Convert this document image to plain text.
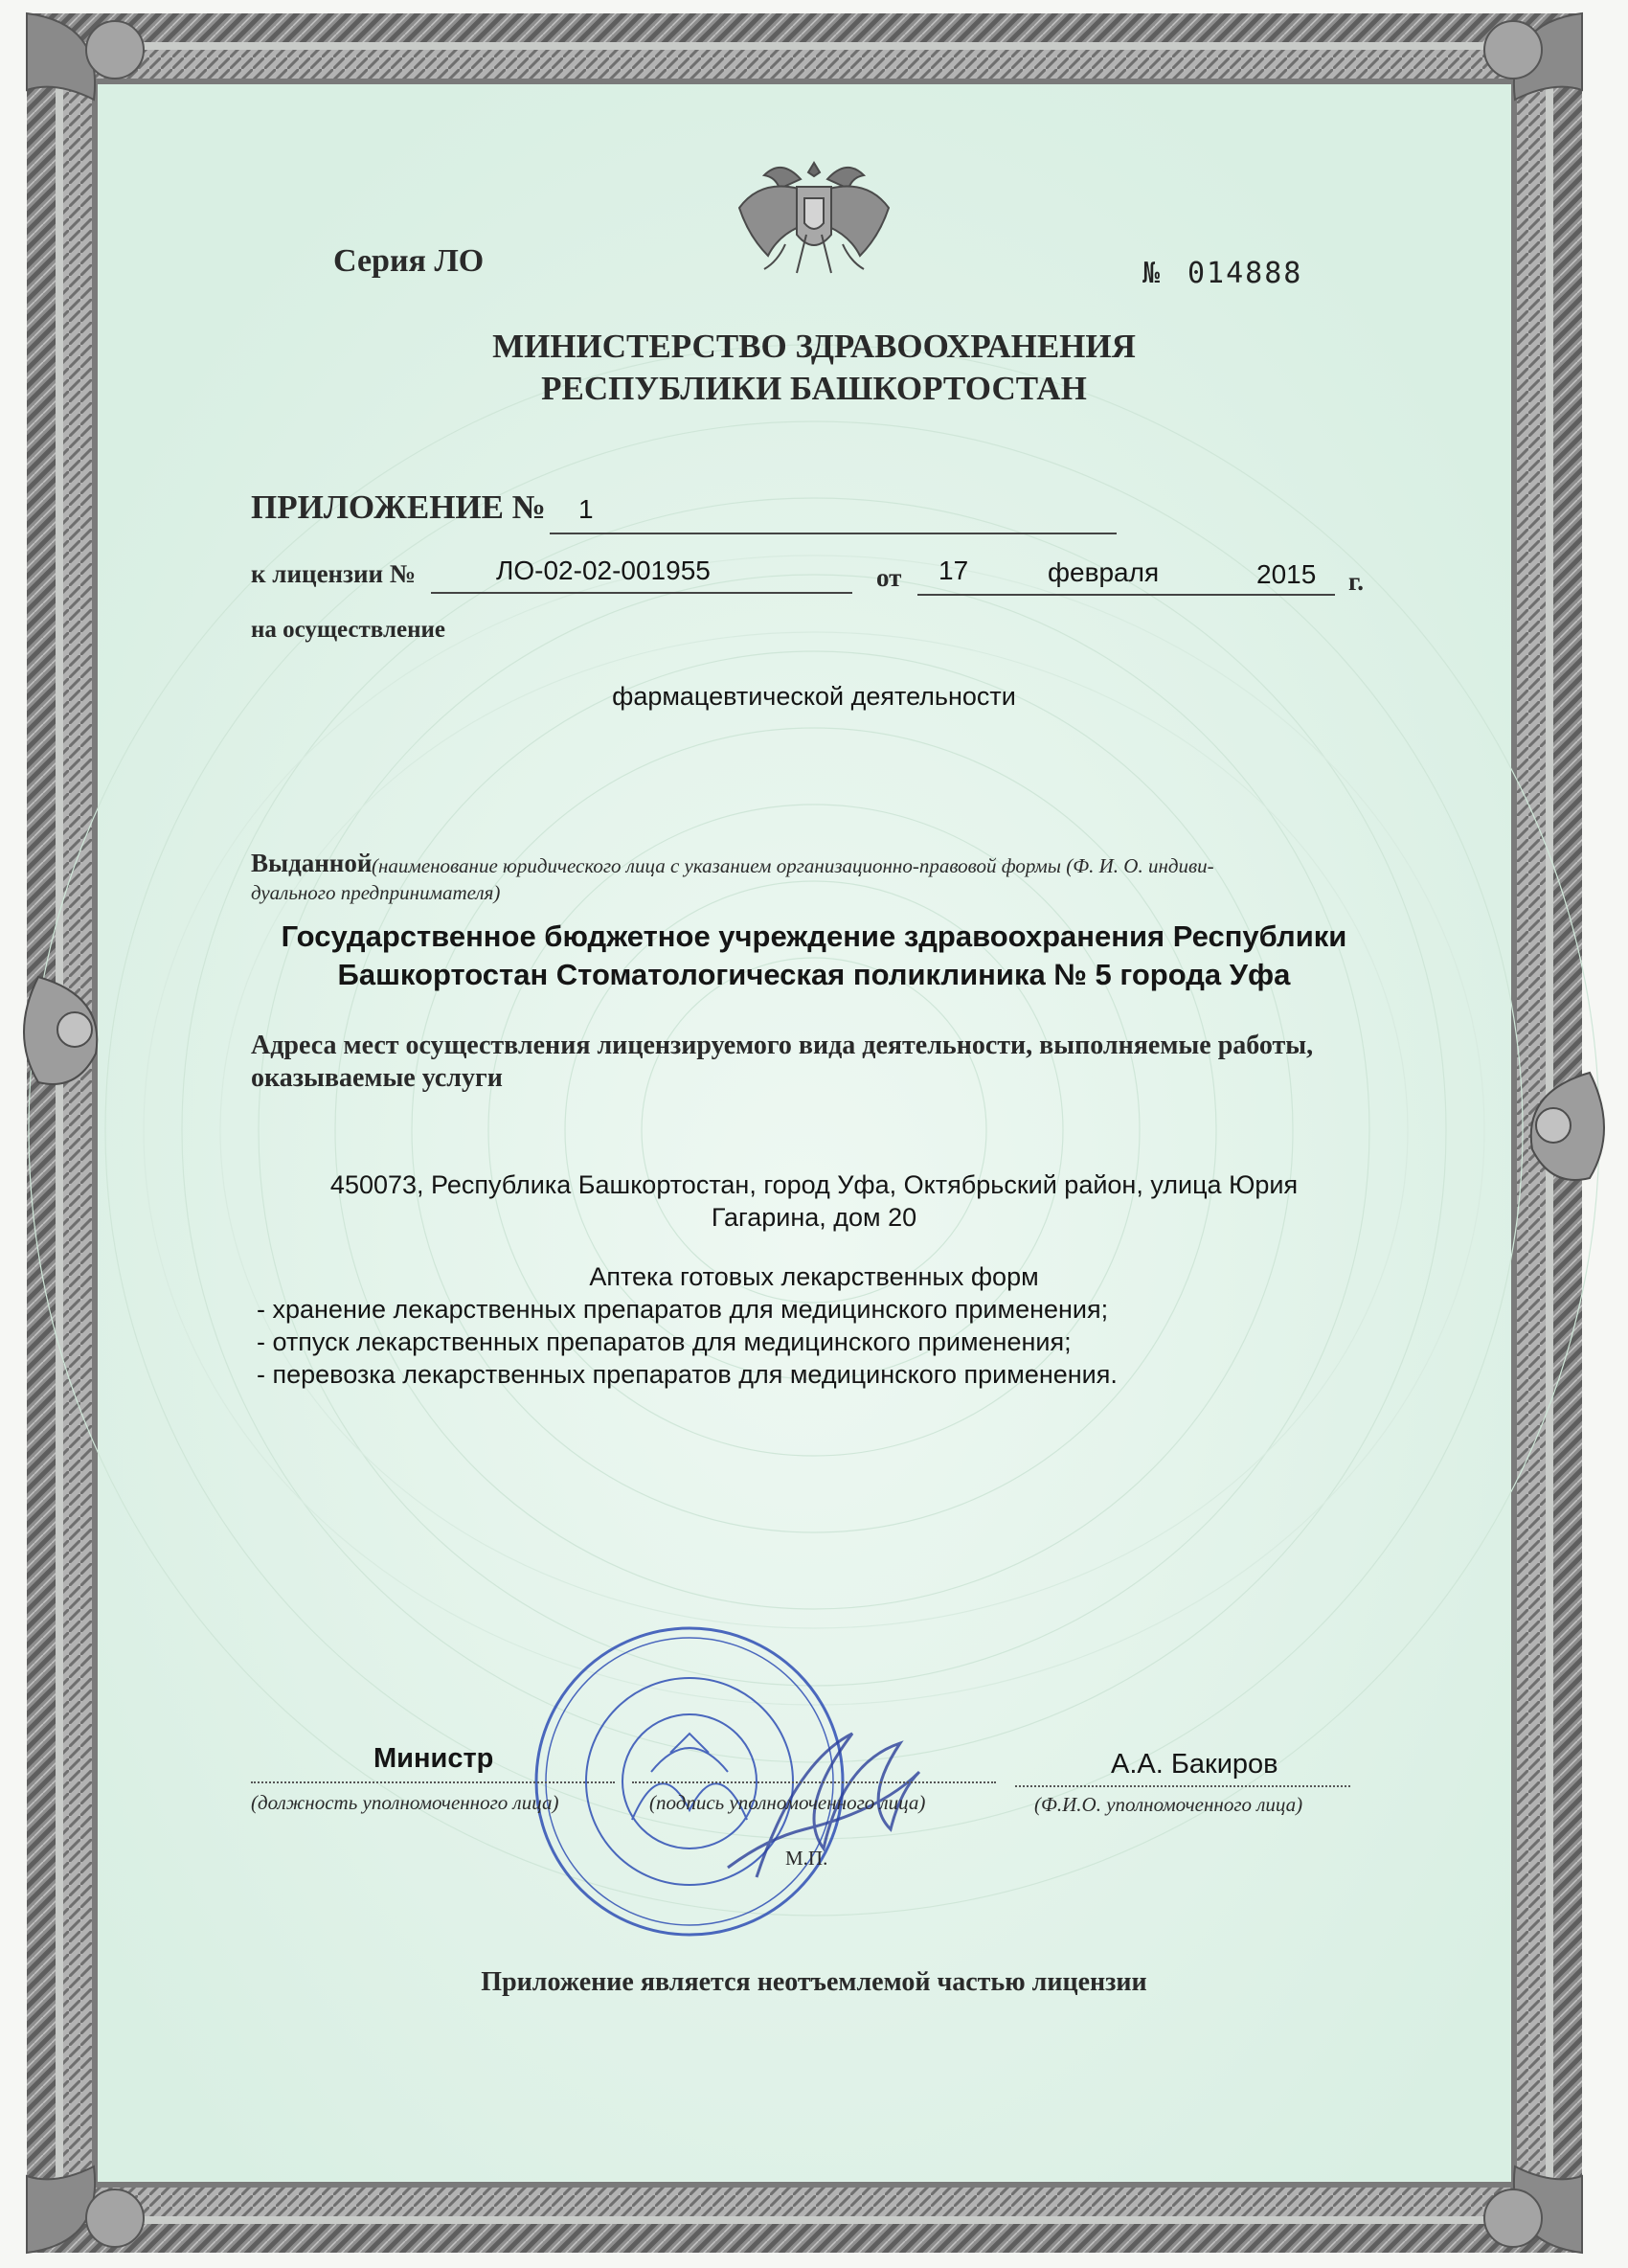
Серия ЛО	№ 014888
МИНИСТЕРСТВО ЗДРАВООХРАНЕНИЯ
РЕСПУБЛИКИ БАШКОРТОСТАН
ПРИЛОЖЕНИЕ № 1
к лицензии №	ЛО-02-02-001955	от 17	февраля	2015 г.
на осуществление
фармацевтической деятельности
Выданной (наименование юридического лица с указанием организационно-правовой формы (Ф. И. О. индиви-
дуального предпринимателя)
Государственное бюджетное учреждение здравоохранения Республики
Башкортостан Стоматологическая поликлиника № 5 города Уфа
Адреса мест осуществления лицензируемого вида деятельности, выполняемые работы,
оказываемые услуги
450073, Республика Башкортостан, город Уфа, Октябрьский район, улица Юрия
Гагарина, дом 20
Аптека готовых лекарственных форм
- хранение лекарственных препаратов для медицинского применения;
- отпуск лекарственных препаратов для медицинского применения;
- перевозка лекарственных препаратов для медицинского применения.
Министр	А.А. Бакиров
(должность уполномоченного лица)	(подпись уполномоченного лица)	(Ф.И.О. уполномоченного лица)
М.П.
Приложение является неотъемлемой частью лицензии
